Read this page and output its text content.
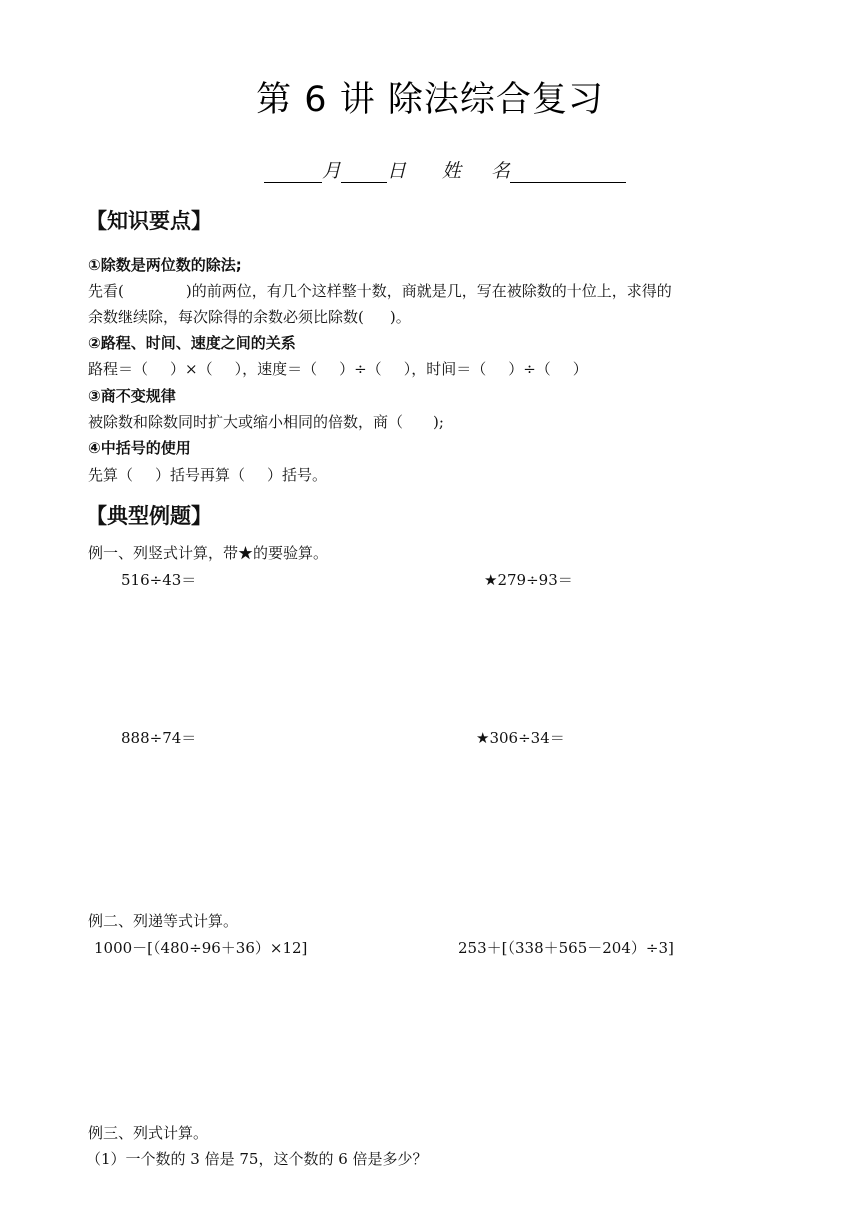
第 6 讲 除法综合复习
月 日 姓 名
【知识要点】
①除数是两位数的除法;
先看(	)的前两位，有几个这样整十数，商就是几，写在被除数的十位上，求得的
余数继续除，每次除得的余数必须比除数( )。
②路程、时间、速度之间的关系
路程＝（ ）×（ ），速度＝（ ）÷（ ），时间＝（ ）÷（ ）
③商不变规律
被除数和除数同时扩大或缩小相同的倍数，商（ );
④中括号的使用
先算（ ）括号再算（ ）括号。
【典型例题】
例一、列竖式计算，带★的要验算。
516÷43＝	★279÷93＝
888÷74＝	★306÷34＝
例二、列递等式计算。
1000－[（480÷96＋36）×12]	253＋[（338＋565－204）÷3]
例三、列式计算。
（1）一个数的 3 倍是 75，这个数的 6 倍是多少？
